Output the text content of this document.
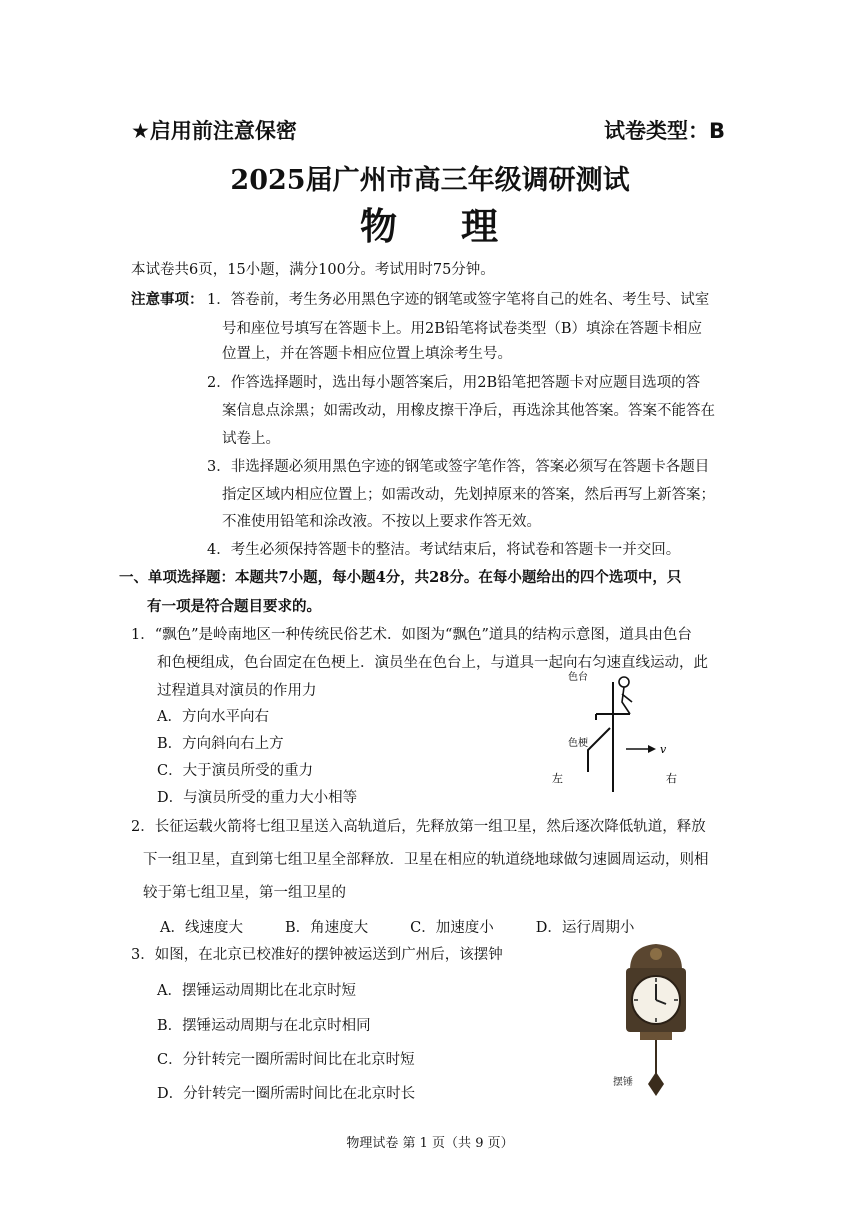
★启用前注意保密	试卷类型：B
2025届广州市高三年级调研测试
物 理
本试卷共6页，15小题，满分100分。考试用时75分钟。
注意事项： 1．答卷前，考生务必用黑色字迹的钢笔或签字笔将自己的姓名、考生号、试室
号和座位号填写在答题卡上。用2B铅笔将试卷类型（B）填涂在答题卡相应
位置上，并在答题卡相应位置上填涂考生号。
2．作答选择题时，选出每小题答案后，用2B铅笔把答题卡对应题目选项的答
案信息点涂黑；如需改动，用橡皮擦干净后，再选涂其他答案。答案不能答在
试卷上。
3．非选择题必须用黑色字迹的钢笔或签字笔作答，答案必须写在答题卡各题目
指定区域内相应位置上；如需改动，先划掉原来的答案，然后再写上新答案；
不准使用铅笔和涂改液。不按以上要求作答无效。
4．考生必须保持答题卡的整洁。考试结束后，将试卷和答题卡一并交回。
一、单项选择题：本题共7小题，每小题4分，共28分。在每小题给出的四个选项中，只
有一项是符合题目要求的。
1．“飘色”是岭南地区一种传统民俗艺术．如图为“飘色”道具的结构示意图，道具由色台
和色梗组成，色台固定在色梗上．演员坐在色台上，与道具一起向右匀速直线运动，此
过程道具对演员的作用力
A．方向水平向右
B．方向斜向右上方
C．大于演员所受的重力
D．与演员所受的重力大小相等
色台
色梗	v
左	右
2．长征运载火箭将七组卫星送入高轨道后，先释放第一组卫星，然后逐次降低轨道，释放
下一组卫星，直到第七组卫星全部释放．卫星在相应的轨道绕地球做匀速圆周运动，则相
较于第七组卫星，第一组卫星的
A．线速度大	B．角速度大	C．加速度小	D．运行周期小
3．如图，在北京已校准好的摆钟被运送到广州后，该摆钟
A．摆锤运动周期比在北京时短
B．摆锤运动周期与在北京时相同
C．分针转完一圈所需时间比在北京时短
D．分针转完一圈所需时间比在北京时长
摆锤
物理试卷 第 1 页（共 9 页）
